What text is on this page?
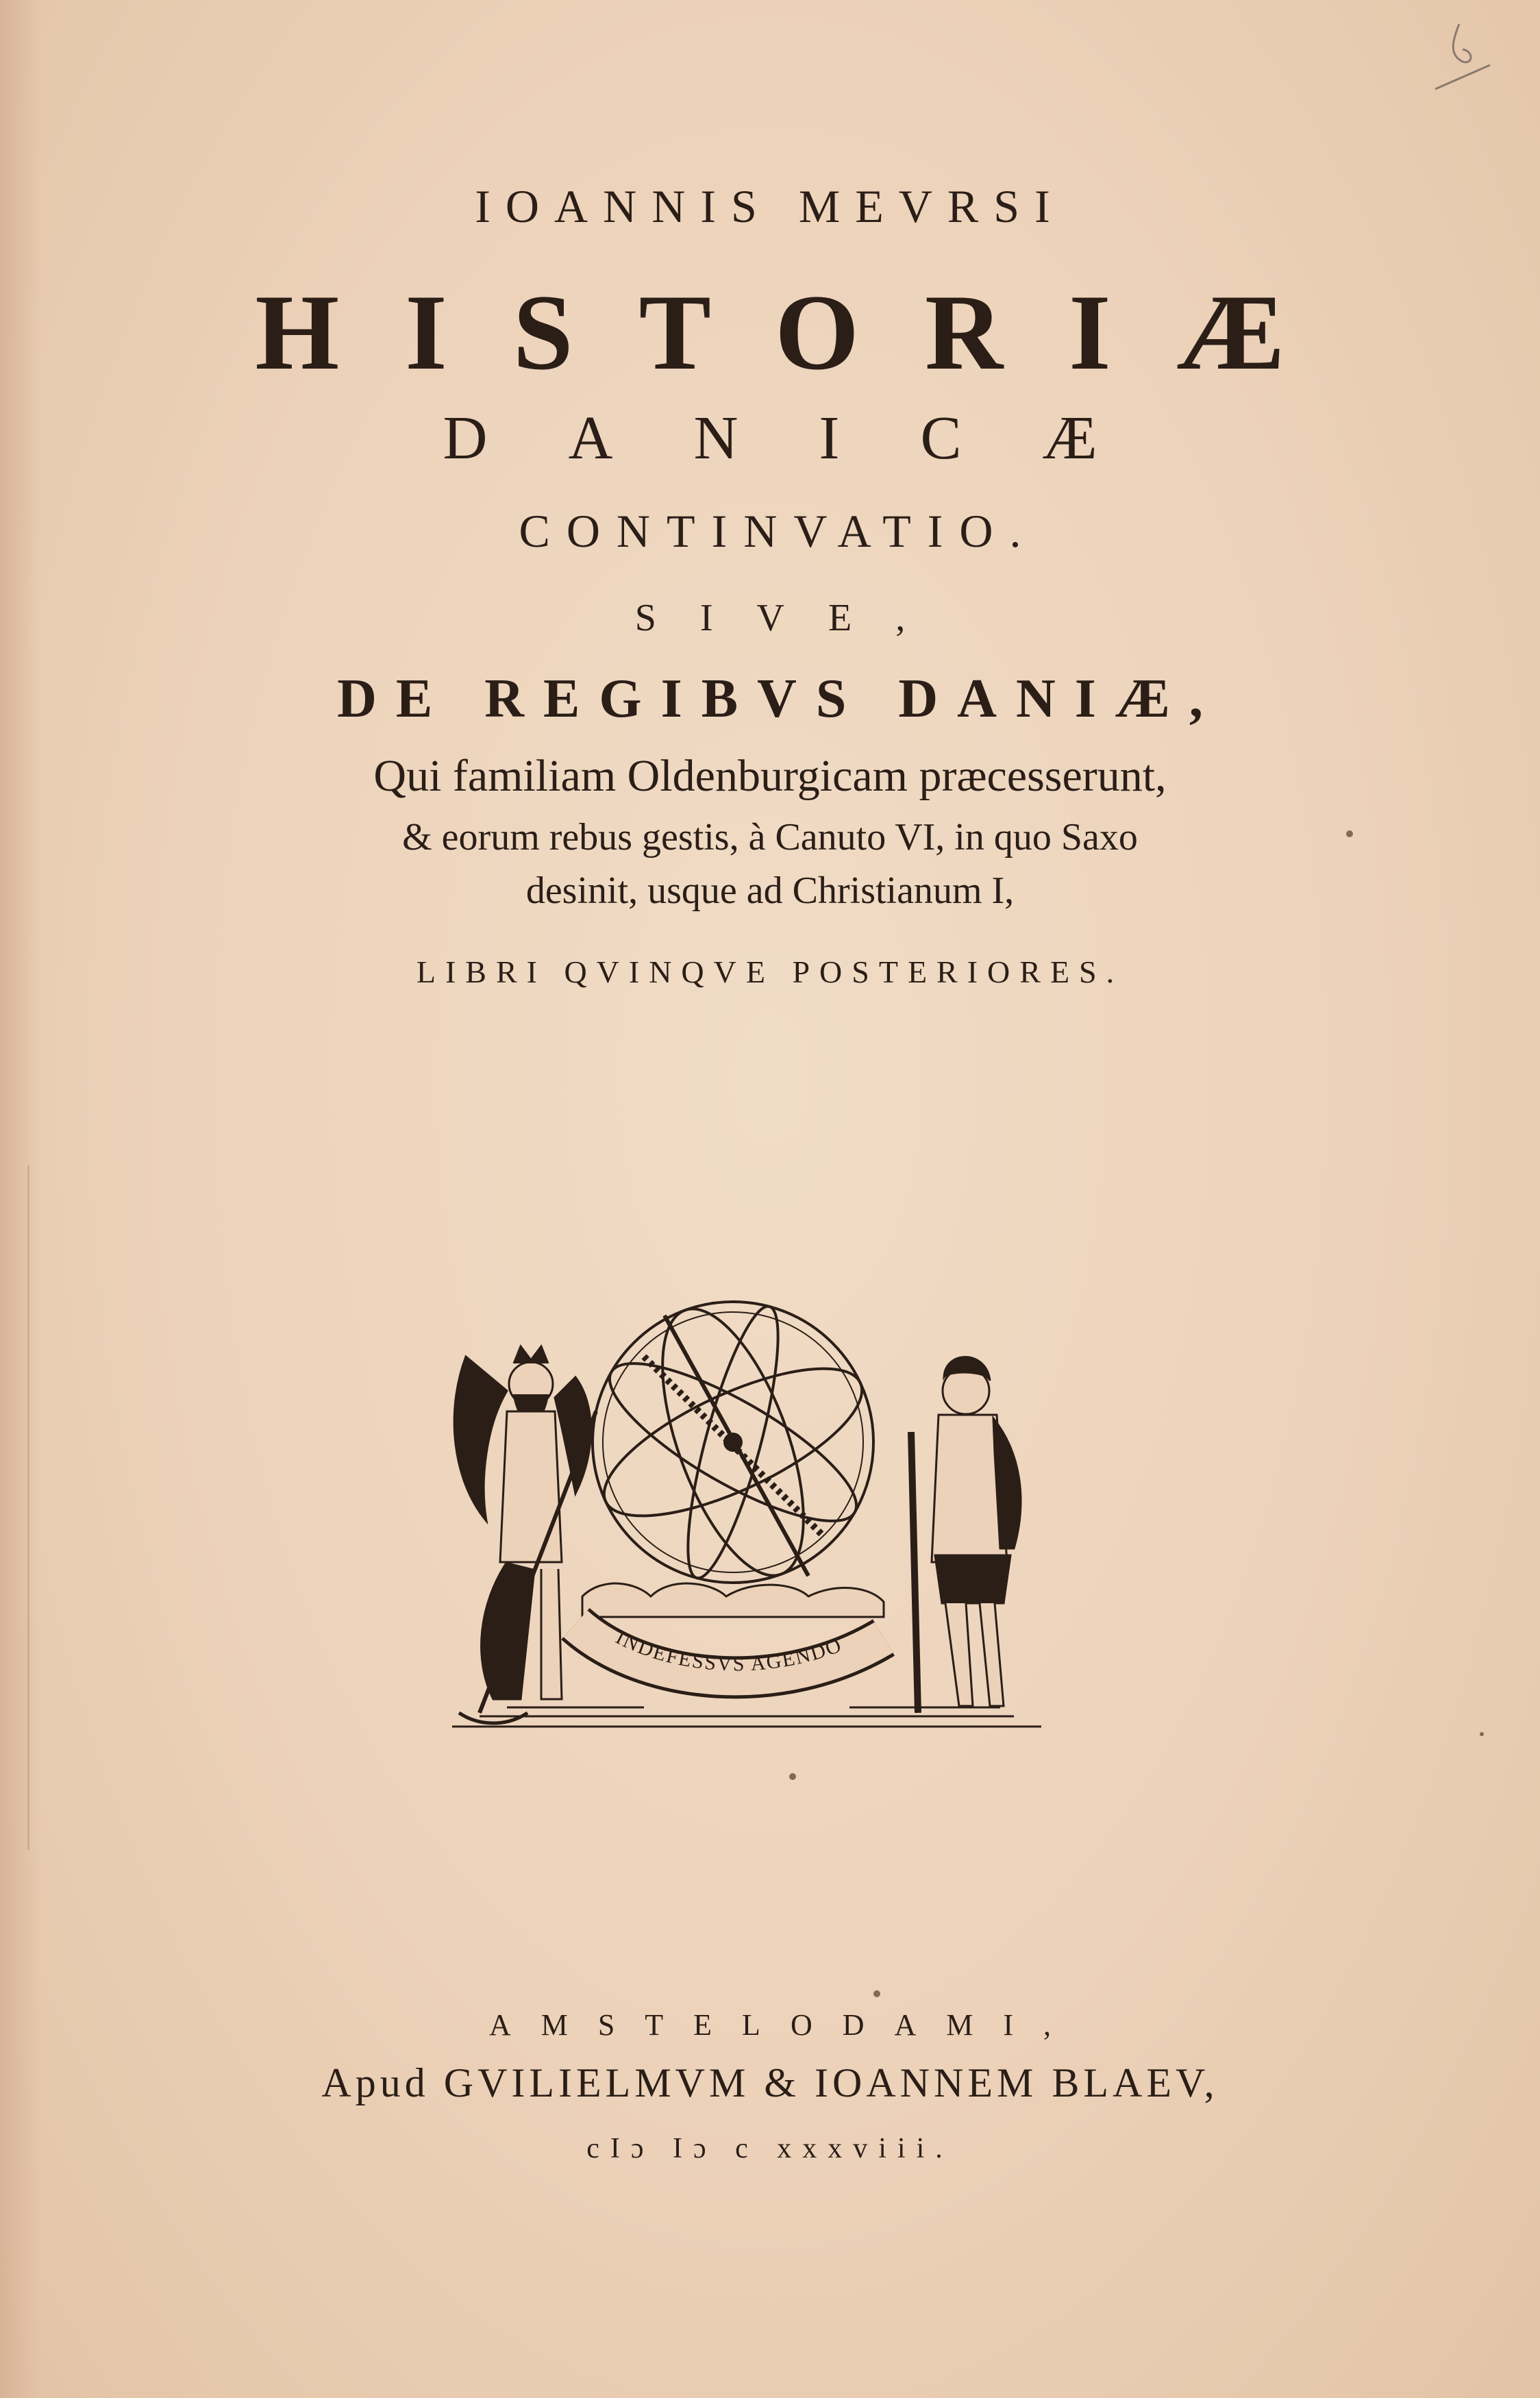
IOANNIS MEVRSI
HISTORIÆ
DANICÆ
CONTINVATIO.
SIVE,
DE REGIBVS DANIÆ,
Qui familiam Oldenburgicam præcesserunt,
& eorum rebus gestis, à Canuto VI, in quo Saxo
desinit, usque ad Christianum I,
LIBRI QVINQVE POSTERIORES.
INDEFESSVS AGENDO
AMSTELODAMI,
Apud GVILIELMVM & IOANNEM BLAEV,
cIɔ Iɔ c xxxviii.
